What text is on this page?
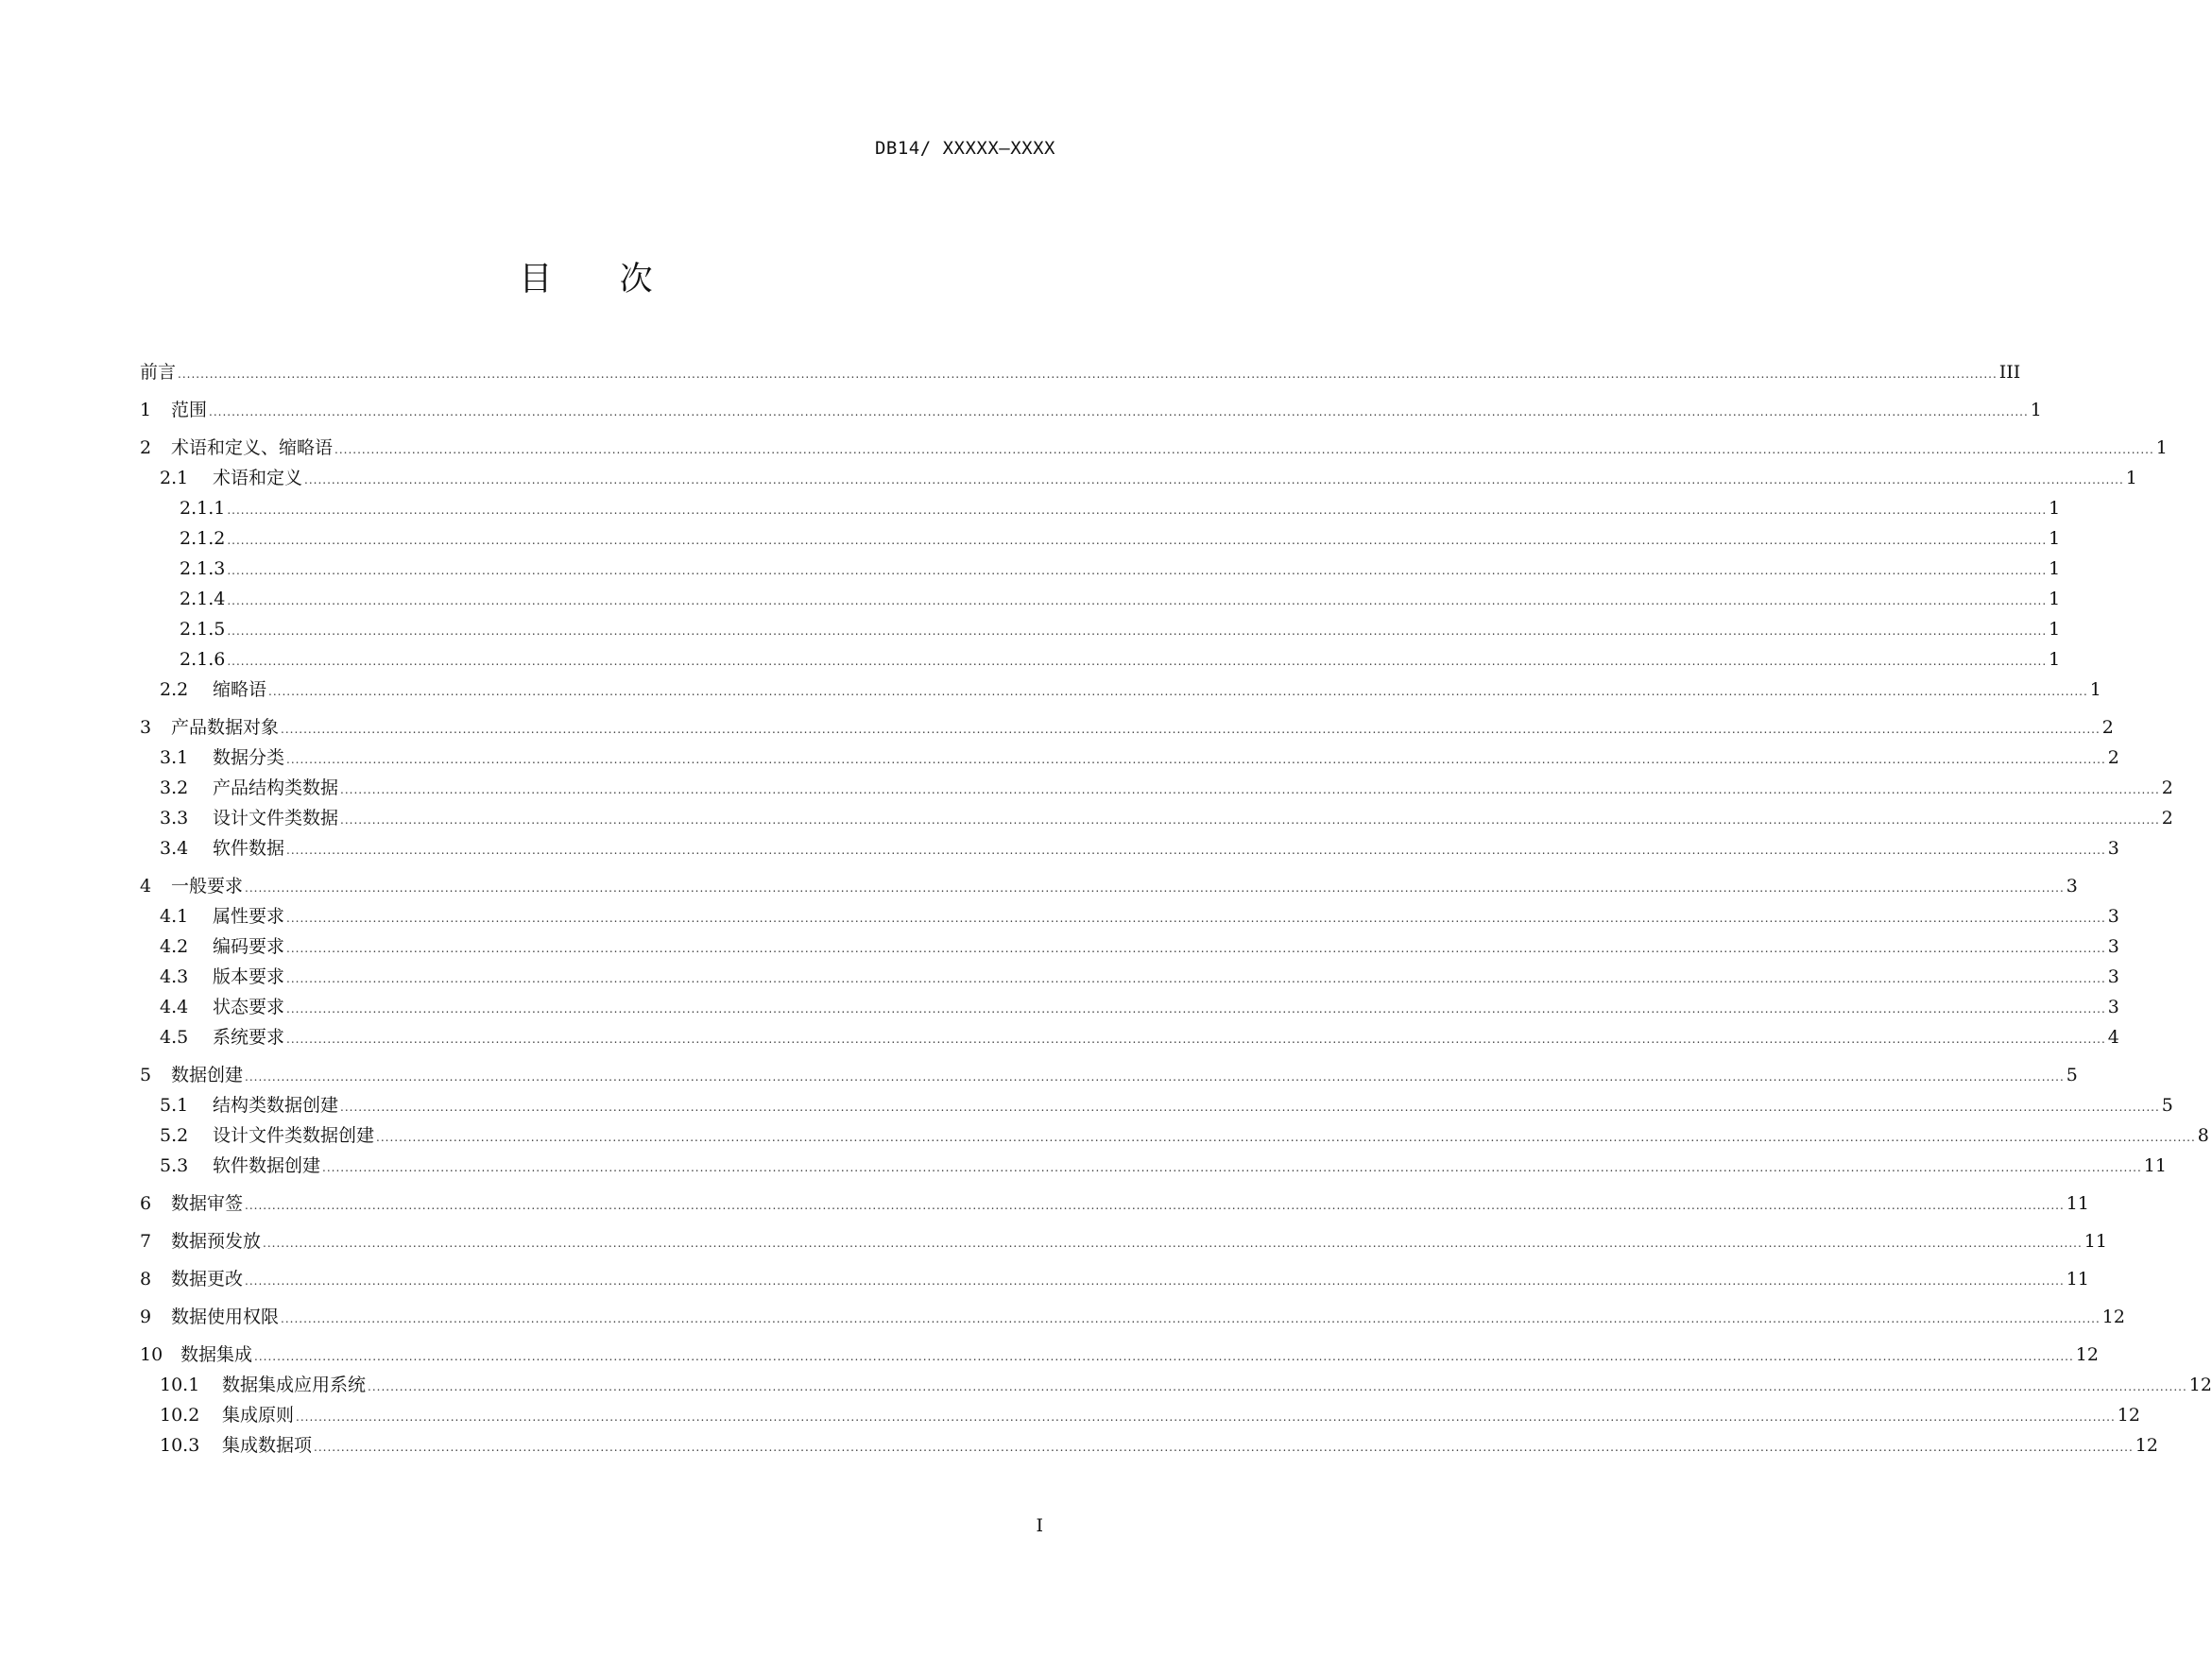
DB14/ XXXXX—XXXX
目 次
前言 ................................................................................................................................................................................................................................................................................................................................................................................................................ III
1	范围 ................................................................................................................................................................................................................................................................................................................................................................................................................ 1
2	术语和定义、缩略语 ................................................................................................................................................................................................................................................................................................................................................................................................................ 1
2.1	术语和定义 ................................................................................................................................................................................................................................................................................................................................................................................................................ 1
2.1.1 ................................................................................................................................................................................................................................................................................................................................................................................................................ 1
2.1.2 ................................................................................................................................................................................................................................................................................................................................................................................................................ 1
2.1.3 ................................................................................................................................................................................................................................................................................................................................................................................................................ 1
2.1.4 ................................................................................................................................................................................................................................................................................................................................................................................................................ 1
2.1.5 ................................................................................................................................................................................................................................................................................................................................................................................................................ 1
2.1.6 ................................................................................................................................................................................................................................................................................................................................................................................................................ 1
2.2	缩略语 ................................................................................................................................................................................................................................................................................................................................................................................................................ 1
3	产品数据对象 ................................................................................................................................................................................................................................................................................................................................................................................................................ 2
3.1	数据分类 ................................................................................................................................................................................................................................................................................................................................................................................................................ 2
3.2	产品结构类数据 ................................................................................................................................................................................................................................................................................................................................................................................................................ 2
3.3	设计文件类数据 ................................................................................................................................................................................................................................................................................................................................................................................................................ 2
3.4	软件数据 ................................................................................................................................................................................................................................................................................................................................................................................................................ 3
4	一般要求 ................................................................................................................................................................................................................................................................................................................................................................................................................ 3
4.1	属性要求 ................................................................................................................................................................................................................................................................................................................................................................................................................ 3
4.2	编码要求 ................................................................................................................................................................................................................................................................................................................................................................................................................ 3
4.3	版本要求 ................................................................................................................................................................................................................................................................................................................................................................................................................ 3
4.4	状态要求 ................................................................................................................................................................................................................................................................................................................................................................................................................ 3
4.5	系统要求 ................................................................................................................................................................................................................................................................................................................................................................................................................ 4
5	数据创建 ................................................................................................................................................................................................................................................................................................................................................................................................................ 5
5.1	结构类数据创建 ................................................................................................................................................................................................................................................................................................................................................................................................................ 5
5.2	设计文件类数据创建 ................................................................................................................................................................................................................................................................................................................................................................................................................ 8
5.3	软件数据创建 ................................................................................................................................................................................................................................................................................................................................................................................................................ 11
6	数据审签 ................................................................................................................................................................................................................................................................................................................................................................................................................ 11
7	数据预发放 ................................................................................................................................................................................................................................................................................................................................................................................................................ 11
8	数据更改 ................................................................................................................................................................................................................................................................................................................................................................................................................ 11
9	数据使用权限 ................................................................................................................................................................................................................................................................................................................................................................................................................ 12
10 数据集成 ................................................................................................................................................................................................................................................................................................................................................................................................................ 12
10.1	数据集成应用系统 ................................................................................................................................................................................................................................................................................................................................................................................................................ 12
10.2	集成原则 ................................................................................................................................................................................................................................................................................................................................................................................................................ 12
10.3	集成数据项 ................................................................................................................................................................................................................................................................................................................................................................................................................ 12
I
